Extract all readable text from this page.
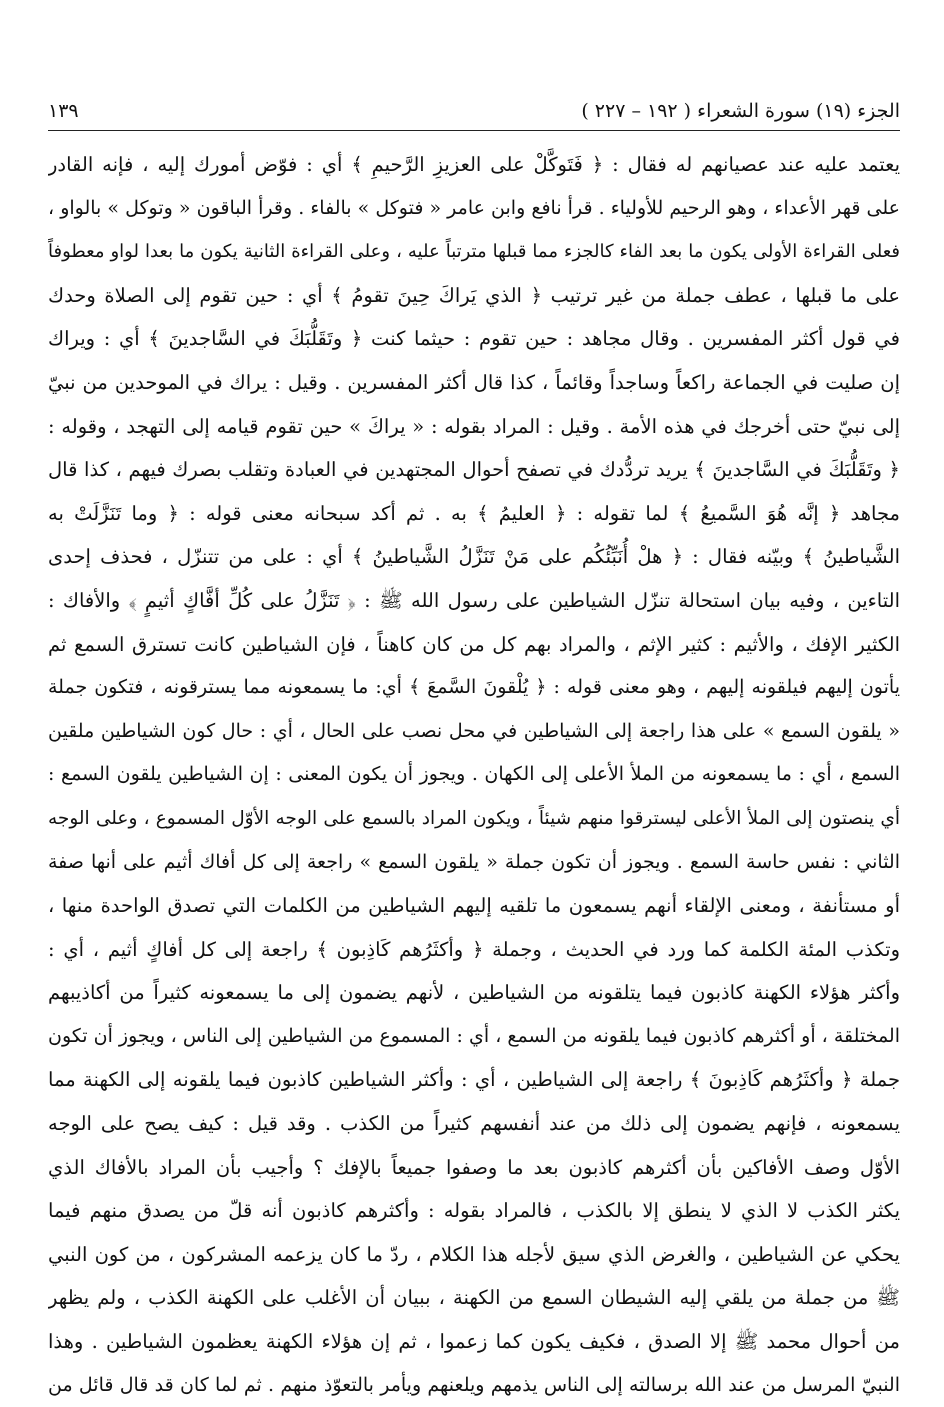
الجزء (١٩) سورة الشعراء ( ١٩٢ – ٢٢٧ )
١٣٩
يعتمد عليه عند عصيانهم له فقال : ﴿ فَتَوكَّلْ على العزيزِ الرَّحيمِ ﴾ أي : فوّض أمورك إليه ، فإنه القادر
على قهر الأعداء ، وهو الرحيم للأولياء . قرأ نافع وابن عامر « فتوكل » بالفاء . وقرأ الباقون « وتوكل » بالواو ،
فعلى القراءة الأولى يكون ما بعد الفاء كالجزء مما قبلها مترتباً عليه ، وعلى القراءة الثانية يكون ما بعدا لواو معطوفاً
على ما قبلها ، عطف جملة من غير ترتيب ﴿ الذي يَراكَ حِينَ تقومُ ﴾ أي : حين تقوم إلى الصلاة وحدك
في قول أكثر المفسرين . وقال مجاهد : حين تقوم : حيثما كنت ﴿ وتَقَلُّبَكَ في السَّاجدينَ ﴾ أي : ويراك
إن صليت في الجماعة راكعاً وساجداً وقائماً ، كذا قال أكثر المفسرين . وقيل : يراك في الموحدين من نبيّ
إلى نبيّ حتى أخرجك في هذه الأمة . وقيل : المراد بقوله : « يراكَ » حين تقوم قيامه إلى التهجد ، وقوله :
﴿ وتَقَلُّبَكَ في السَّاجدينَ ﴾ يريد تردُّدك في تصفح أحوال المجتهدين في العبادة وتقلب بصرك فيهم ، كذا قال
مجاهد ﴿ إنَّه هُوَ السَّميعُ ﴾ لما تقوله : ﴿ العليمُ ﴾ به . ثم أكد سبحانه معنى قوله : ﴿ وما تَنَزَّلَتْ به
الشَّياطينُ ﴾ وبيّنه فقال : ﴿ هلْ أُنَبِّئُكُم على مَنْ تَنَزَّلُ الشَّياطينُ ﴾ أي : على من تتنزّل ، فحذف إحدى
التاءين ، وفيه بيان استحالة تنزّل الشياطين على رسول الله ﷺ : ﴿ تَنَزَّلُ على كُلِّ أفَّاكٍ أثيمٍ ﴾ والأفاك :
الكثير الإفك ، والأثيم : كثير الإثم ، والمراد بهم كل من كان كاهناً ، فإن الشياطين كانت تسترق السمع ثم
يأتون إليهم فيلقونه إليهم ، وهو معنى قوله : ﴿ يُلْقونَ السَّمعَ ﴾ أي: ما يسمعونه مما يسترقونه ، فتكون جملة
« يلقون السمع » على هذا راجعة إلى الشياطين في محل نصب على الحال ، أي : حال كون الشياطين ملقين
السمع ، أي : ما يسمعونه من الملأ الأعلى إلى الكهان . ويجوز أن يكون المعنى : إن الشياطين يلقون السمع :
أي ينصتون إلى الملأ الأعلى ليسترقوا منهم شيئاً ، ويكون المراد بالسمع على الوجه الأوّل المسموع ، وعلى الوجه
الثاني : نفس حاسة السمع . ويجوز أن تكون جملة « يلقون السمع » راجعة إلى كل أفاك أثيم على أنها صفة
أو مستأنفة ، ومعنى الإلقاء أنهم يسمعون ما تلقيه إليهم الشياطين من الكلمات التي تصدق الواحدة منها ،
وتكذب المئة الكلمة كما ورد في الحديث ، وجملة ﴿ وأكثَرُهم كَاذِبون ﴾ راجعة إلى كل أفاكٍ أثيم ، أي :
وأكثر هؤلاء الكهنة كاذبون فيما يتلقونه من الشياطين ، لأنهم يضمون إلى ما يسمعونه كثيراً من أكاذيبهم
المختلقة ، أو أكثرهم كاذبون فيما يلقونه من السمع ، أي : المسموع من الشياطين إلى الناس ، ويجوز أن تكون
جملة ﴿ وأكثَرُهم كَاذِبونَ ﴾ راجعة إلى الشياطين ، أي : وأكثر الشياطين كاذبون فيما يلقونه إلى الكهنة مما
يسمعونه ، فإنهم يضمون إلى ذلك من عند أنفسهم كثيراً من الكذب . وقد قيل : كيف يصح على الوجه
الأوّل وصف الأفاكين بأن أكثرهم كاذبون بعد ما وصفوا جميعاً بالإفك ؟ وأجيب بأن المراد بالأفاك الذي
يكثر الكذب لا الذي لا ينطق إلا بالكذب ، فالمراد بقوله : وأكثرهم كاذبون أنه قلّ من يصدق منهم فيما
يحكي عن الشياطين ، والغرض الذي سيق لأجله هذا الكلام ، ردّ ما كان يزعمه المشركون ، من كون النبي
ﷺ من جملة من يلقي إليه الشيطان السمع من الكهنة ، ببيان أن الأغلب على الكهنة الكذب ، ولم يظهر
من أحوال محمد ﷺ إلا الصدق ، فكيف يكون كما زعموا ، ثم إن هؤلاء الكهنة يعظمون الشياطين . وهذا
النبيّ المرسل من عند الله برسالته إلى الناس يذمهم ويلعنهم ويأمر بالتعوّذ منهم . ثم لما كان قد قال قائل من
